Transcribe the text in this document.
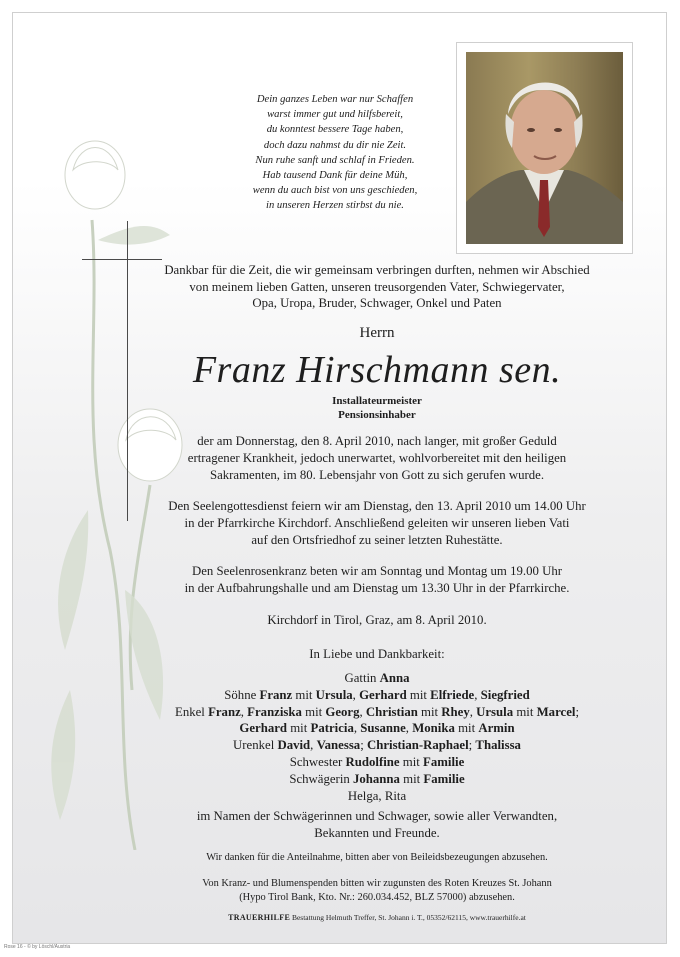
Dein ganzes Leben war nur Schaffen
warst immer gut und hilfsbereit,
du konntest bessere Tage haben,
doch dazu nahmst du dir nie Zeit.
Nun ruhe sanft und schlaf in Frieden.
Hab tausend Dank für deine Müh,
wenn du auch bist von uns geschieden,
in unseren Herzen stirbst du nie.
Dankbar für die Zeit, die wir gemeinsam verbringen durften, nehmen wir Abschied
von meinem lieben Gatten, unseren treusorgenden Vater, Schwiegervater,
Opa, Uropa, Bruder, Schwager, Onkel und Paten
Herrn
Franz Hirschmann sen.
Installateurmeister
Pensionsinhaber
der am Donnerstag, den 8. April 2010, nach langer, mit großer Geduld
ertragener Krankheit, jedoch unerwartet, wohlvorbereitet mit den heiligen
Sakramenten, im 80. Lebensjahr von Gott zu sich gerufen wurde.
Den Seelengottesdienst feiern wir am Dienstag, den 13. April 2010 um 14.00 Uhr
in der Pfarrkirche Kirchdorf. Anschließend geleiten wir unseren lieben Vati
auf den Ortsfriedhof zu seiner letzten Ruhestätte.
Den Seelenrosenkranz beten wir am Sonntag und Montag um 19.00 Uhr
in der Aufbahrungshalle und am Dienstag um 13.30 Uhr in der Pfarrkirche.
Kirchdorf in Tirol, Graz, am 8. April 2010.
In Liebe und Dankbarkeit:
Gattin Anna
Söhne Franz mit Ursula, Gerhard mit Elfriede, Siegfried
Enkel Franz, Franziska mit Georg, Christian mit Rhey, Ursula mit Marcel;
Gerhard mit Patricia, Susanne, Monika mit Armin
Urenkel David, Vanessa; Christian-Raphael; Thalissa
Schwester Rudolfine mit Familie
Schwägerin Johanna mit Familie
Helga, Rita
im Namen der Schwägerinnen und Schwager, sowie aller Verwandten,
Bekannten und Freunde.
Wir danken für die Anteilnahme, bitten aber von Beileidsbezeugungen abzusehen.
Von Kranz- und Blumenspenden bitten wir zugunsten des Roten Kreuzes St. Johann
(Hypo Tirol Bank, Kto. Nr.: 260.034.452, BLZ 57000) abzusehen.
TRAUERHILFE Bestattung Helmuth Treffer, St. Johann i. T., 05352/62115, www.trauerhilfe.at
Rose 16 - © by Löschl/Austria
